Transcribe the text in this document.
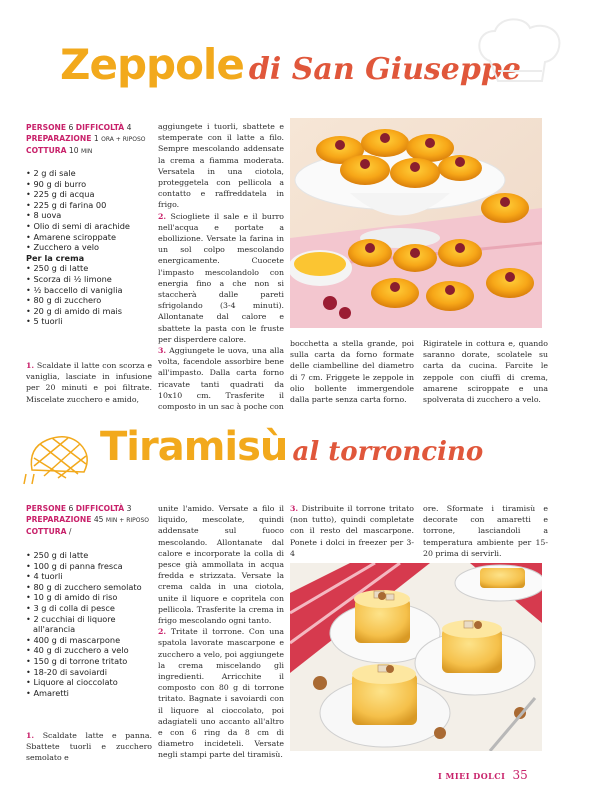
Zeppole di San Giuseppe
PERSONE 6 DIFFICOLTÀ 4
PREPARAZIONE 1 ORA + RIPOSO
COTTURA 10 MIN
• 2 g di sale
• 90 g di burro
• 225 g di acqua
• 225 g di farina 00
• 8 uova
• Olio di semi di arachide
• Amarene sciroppate
• Zucchero a velo
Per la crema
• 250 g di latte
• Scorza di ½ limone
• ½ baccello di vaniglia
• 80 g di zucchero
• 20 g di amido di mais
• 5 tuorli

1. Scaldate il latte con scorza e vaniglia, lasciate in infusione per 20 minuti e poi filtrate. Miscelate zucchero e amido,

aggiungete i tuorli, sbattete e stemperate con il latte a filo. Sempre mescolando addensate la crema a fiamma moderata. Versatela in una ciotola, proteggetela con pellicola a contatto e raffreddatela in frigo.

2. Sciogliete il sale e il burro nell'acqua e portate a ebollizione. Versate la farina in un sol colpo mescolando energicamente. Cuocete l'impasto mescolandolo con energia fino a che non si staccherà dalle pareti sfrigolando (3-4 minuti). Allontanate dal calore e sbattete la pasta con le fruste per disperdere calore.

3. Aggiungete le uova, una alla volta, facendole assorbire bene all'impasto. Dalla carta forno ricavate tanti quadrati da 10x10 cm. Trasferite il composto in un sac à poche con

bocchetta a stella grande, poi sulla carta da forno formate delle ciambelline del diametro di 7 cm. Friggete le zeppole in olio bollente immergendole dalla parte senza carta forno.

Rigiratele in cottura e, quando saranno dorate, scolatele su carta da cucina. Farcite le zeppole con ciuffi di crema, amarene sciroppate e una spolverata di zucchero a velo.

Tiramisù al torroncino
PERSONE 6 DIFFICOLTÀ 3
PREPARAZIONE 45 MIN + RIPOSO
COTTURA /
• 250 g di latte
• 100 g di panna fresca
• 4 tuorli
• 80 g di zucchero semolato
• 10 g di amido di riso
• 3 g di colla di pesce
• 2 cucchiai di liquore
all'arancia
• 400 g di mascarpone
• 40 g di zucchero a velo
• 150 g di torrone tritato
• 18-20 di savoiardi
• Liquore al cioccolato
• Amaretti

1. Scaldate latte e panna. Sbattete tuorli e zucchero semolato e

unite l'amido. Versate a filo il liquido, mescolate, quindi addensate sul fuoco mescolando. Allontanate dal calore e incorporate la colla di pesce già ammollata in acqua fredda e strizzata. Versate la crema calda in una ciotola, unite il liquore e copritela con pellicola. Trasferite la crema in frigo mescolando ogni tanto.

2. Tritate il torrone. Con una spatola lavorate mascarpone e zucchero a velo, poi aggiungete la crema miscelando gli ingredienti. Arricchite il composto con 80 g di torrone tritato. Bagnate i savoiardi con il liquore al cioccolato, poi adagiateli uno accanto all'altro e con 6 ring da 8 cm di diametro incideteli. Versate negli stampi parte del tiramisù.

3. Distribuite il torrone tritato (non tutto), quindi completate con il resto del mascarpone. Ponete i dolci in freezer per 3-4

ore. Sformate i tiramisù e decorate con amaretti e torrone, lasciandoli a temperatura ambiente per 15-20 prima di servirli.

I MIEI DOLCI 35
